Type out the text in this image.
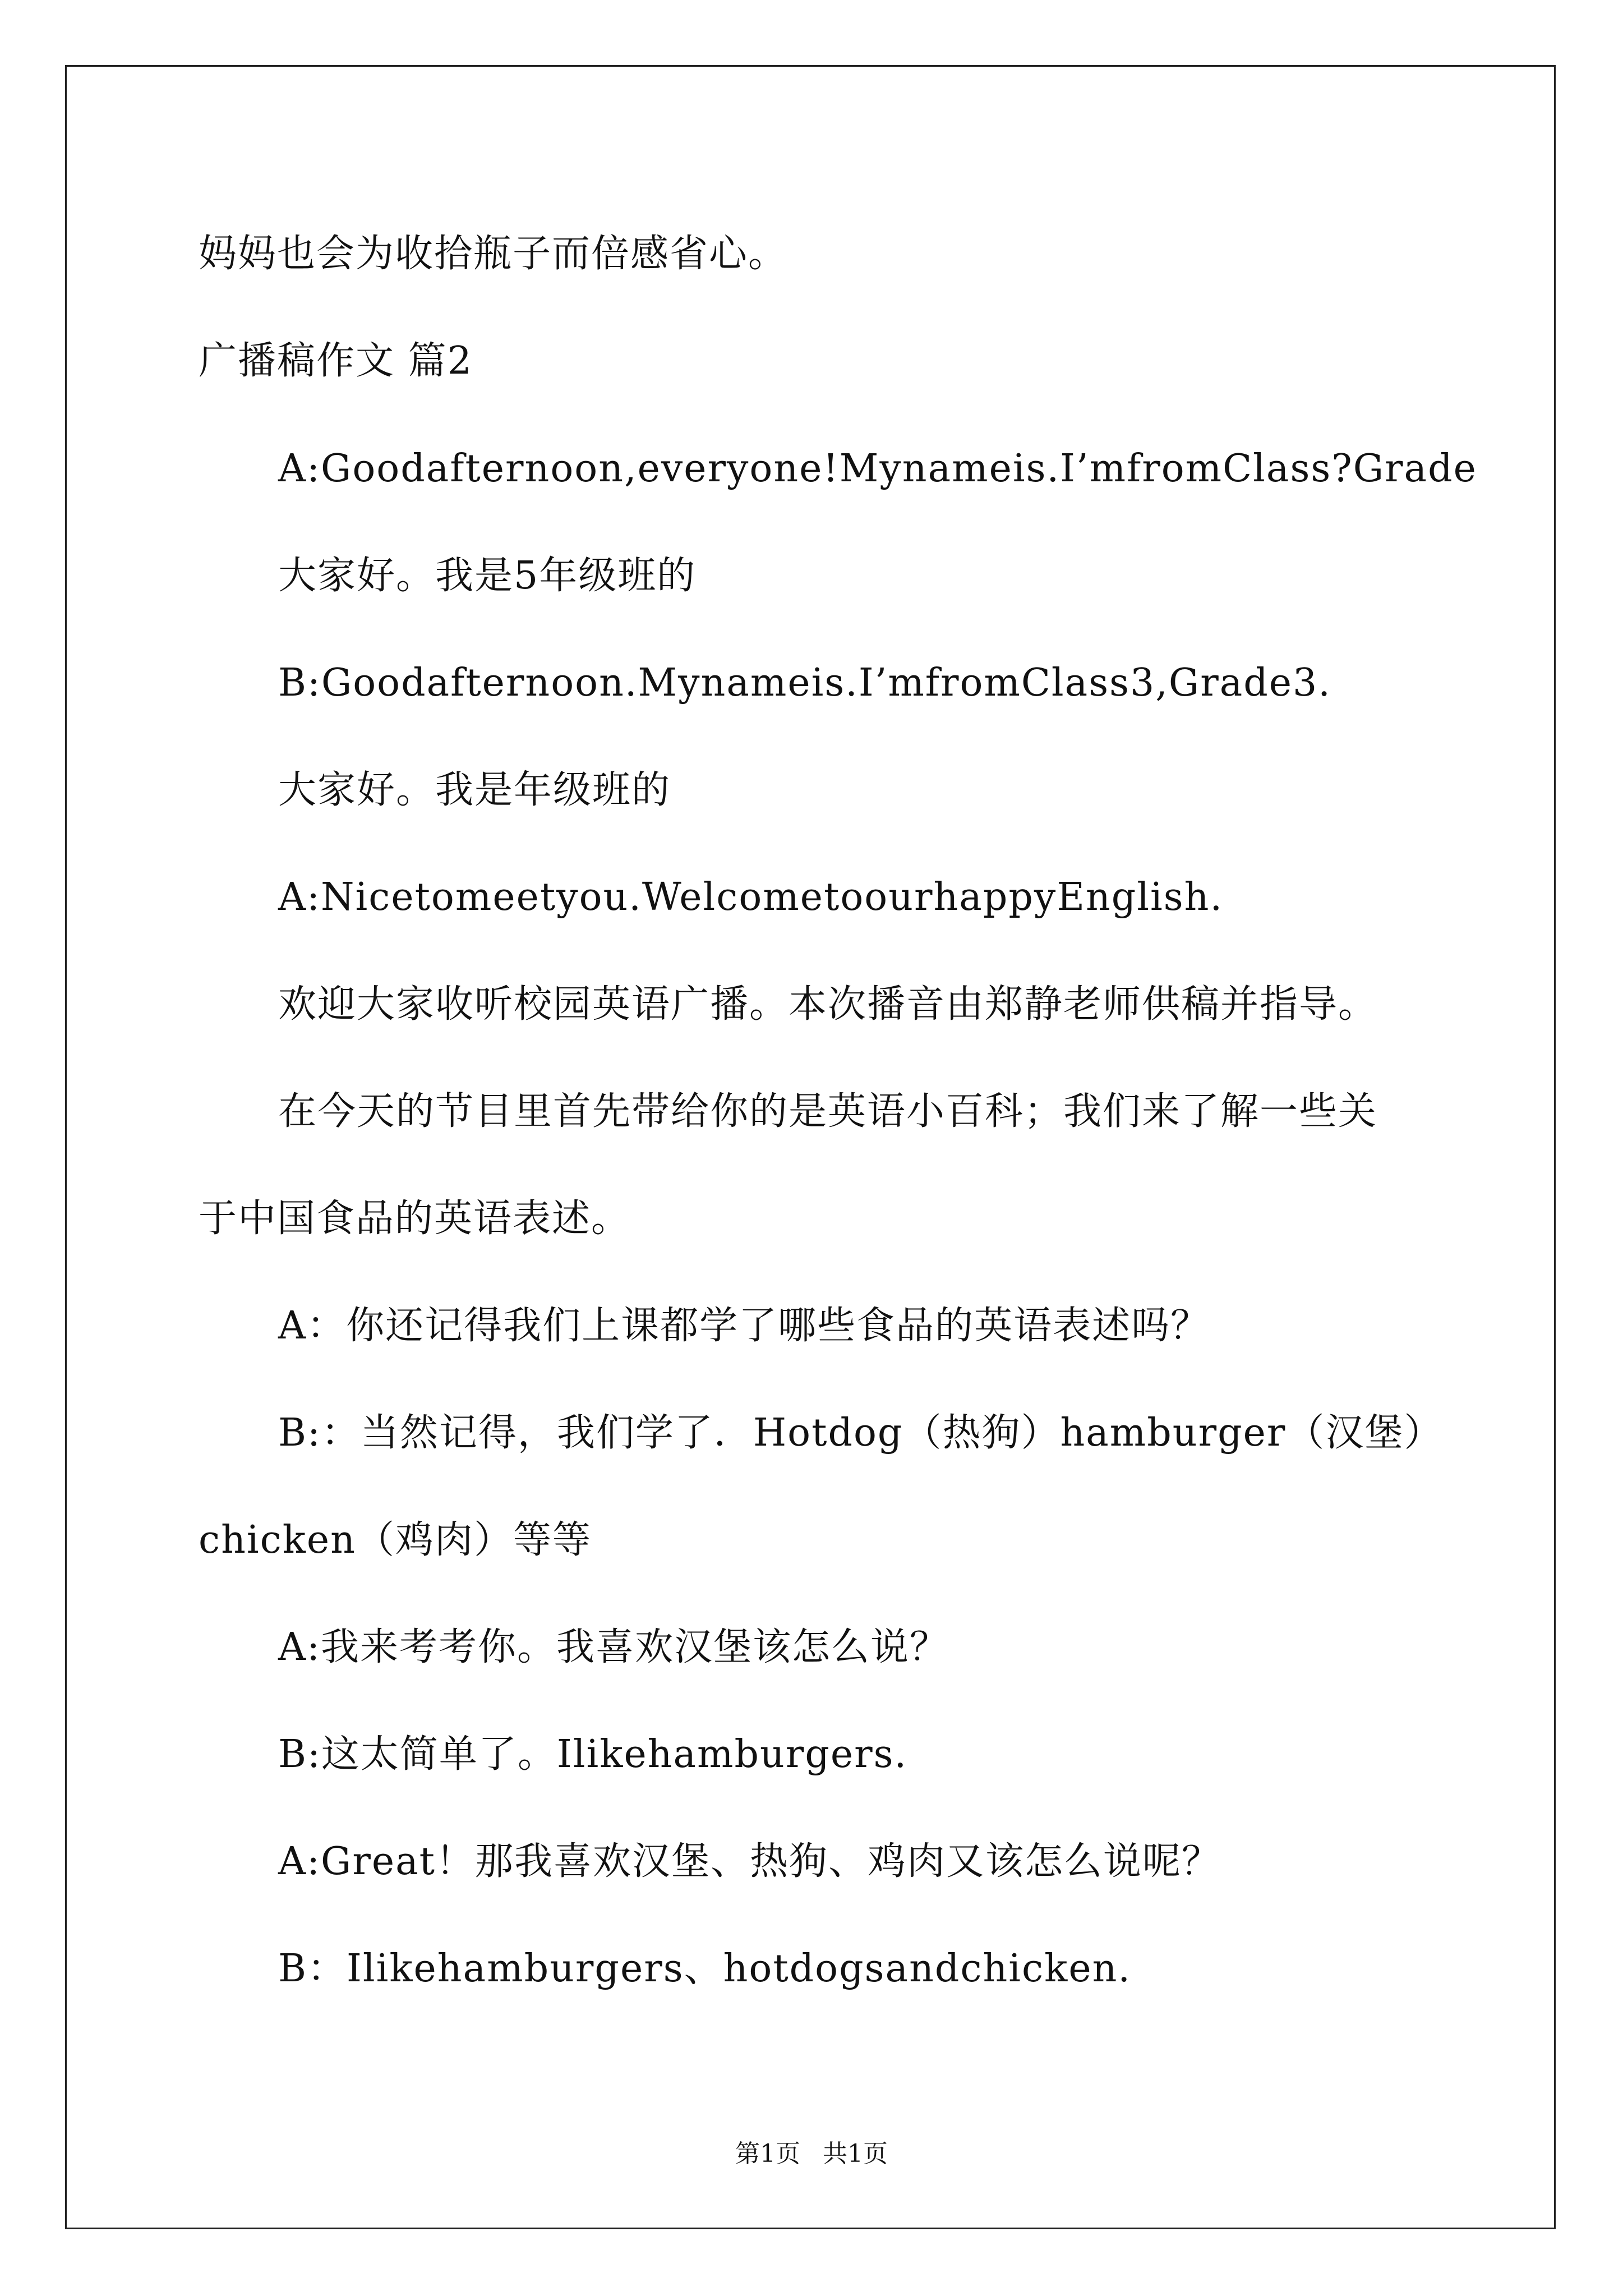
妈妈也会为收拾瓶子而倍感省心。
广播稿作文 篇2
A:Goodafternoon,everyone!Mynameis.I’mfromClass?Grade
大家好。我是5年级班的
B:Goodafternoon.Mynameis.I’mfromClass3,Grade3.
大家好。我是年级班的
A:Nicetomeetyou.WelcometoourhappyEnglish.
欢迎大家收听校园英语广播。本次播音由郑静老师供稿并指导。
在今天的节目里首先带给你的是英语小百科；我们来了解一些关
于中国食品的英语表述。
A：你还记得我们上课都学了哪些食品的英语表述吗？
B:：当然记得，我们学了．Hotdog（热狗）hamburger（汉堡）
chicken（鸡肉）等等
A:我来考考你。我喜欢汉堡该怎么说？
B:这太简单了。Ilikehamburgers.
A:Great！那我喜欢汉堡、热狗、鸡肉又该怎么说呢？
B：Ilikehamburgers、hotdogsandchicken.
第1页 共1页
